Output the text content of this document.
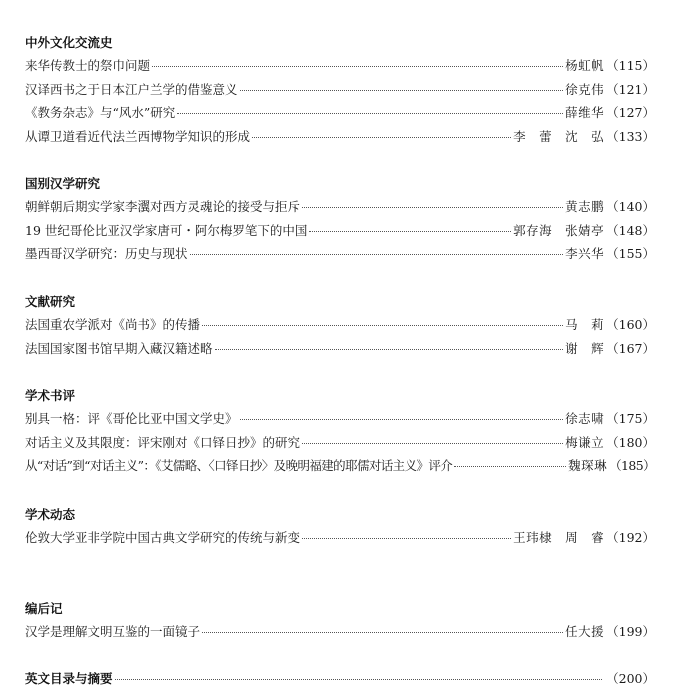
中外文化交流史
来华传教士的祭巾问题	杨虹帆 （115）
汉译西书之于日本江户兰学的借鉴意义	徐克伟 （121）
《教务杂志》与“风水”研究	薛维华 （127）
从谭卫道看近代法兰西博物学知识的形成	李　蕾　沈　弘 （133）
国别汉学研究
朝鲜朝后期实学家李瀷对西方灵魂论的接受与拒斥	黄志鹏 （140）
19 世纪哥伦比亚汉学家唐可・阿尔梅罗笔下的中国	郭存海　张婧亭 （148）
墨西哥汉学研究：历史与现状	李兴华 （155）
文献研究
法国重农学派对《尚书》的传播	马　莉 （160）
法国国家图书馆早期入藏汉籍述略	谢　辉 （167）
学术书评
别具一格：评《哥伦比亚中国文学史》	徐志啸 （175）
对话主义及其限度：评宋刚对《口铎日抄》的研究	梅谦立 （180）
从“对话”到“对话主义”：《艾儒略、〈口铎日抄〉及晚明福建的耶儒对话主义》评介	魏琛琳 （185）
学术动态
伦敦大学亚非学院中国古典文学研究的传统与新变	王玮棣　周　睿 （192）
编后记
汉学是理解文明互鉴的一面镜子	任大援 （199）
英文目录与摘要	（200）
